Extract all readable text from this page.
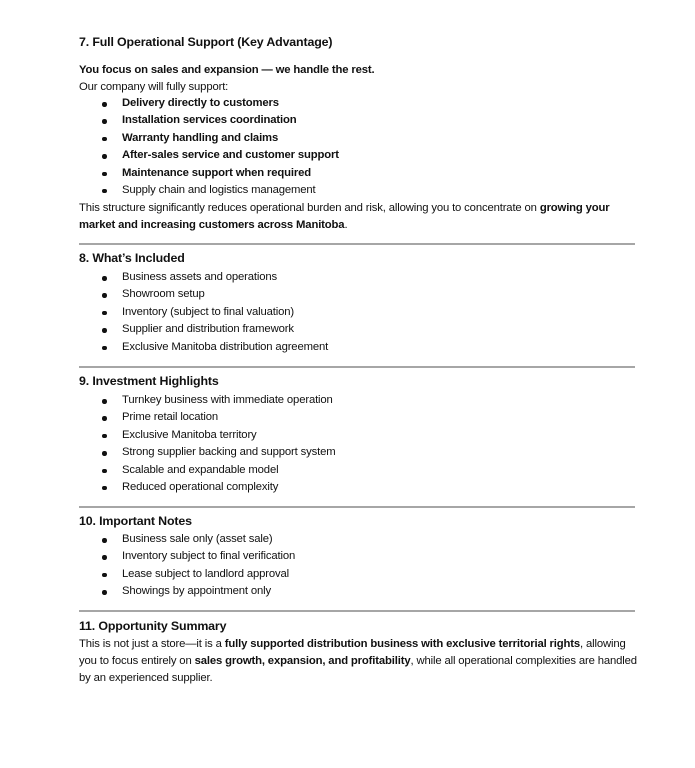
7. Full Operational Support (Key Advantage)
You focus on sales and expansion — we handle the rest.
Our company will fully support:
Delivery directly to customers
Installation services coordination
Warranty handling and claims
After-sales service and customer support
Maintenance support when required
Supply chain and logistics management
This structure significantly reduces operational burden and risk, allowing you to concentrate on growing your market and increasing customers across Manitoba.
8. What’s Included
Business assets and operations
Showroom setup
Inventory (subject to final valuation)
Supplier and distribution framework
Exclusive Manitoba distribution agreement
9. Investment Highlights
Turnkey business with immediate operation
Prime retail location
Exclusive Manitoba territory
Strong supplier backing and support system
Scalable and expandable model
Reduced operational complexity
10. Important Notes
Business sale only (asset sale)
Inventory subject to final verification
Lease subject to landlord approval
Showings by appointment only
11. Opportunity Summary
This is not just a store—it is a fully supported distribution business with exclusive territorial rights, allowing you to focus entirely on sales growth, expansion, and profitability, while all operational complexities are handled by an experienced supplier.
